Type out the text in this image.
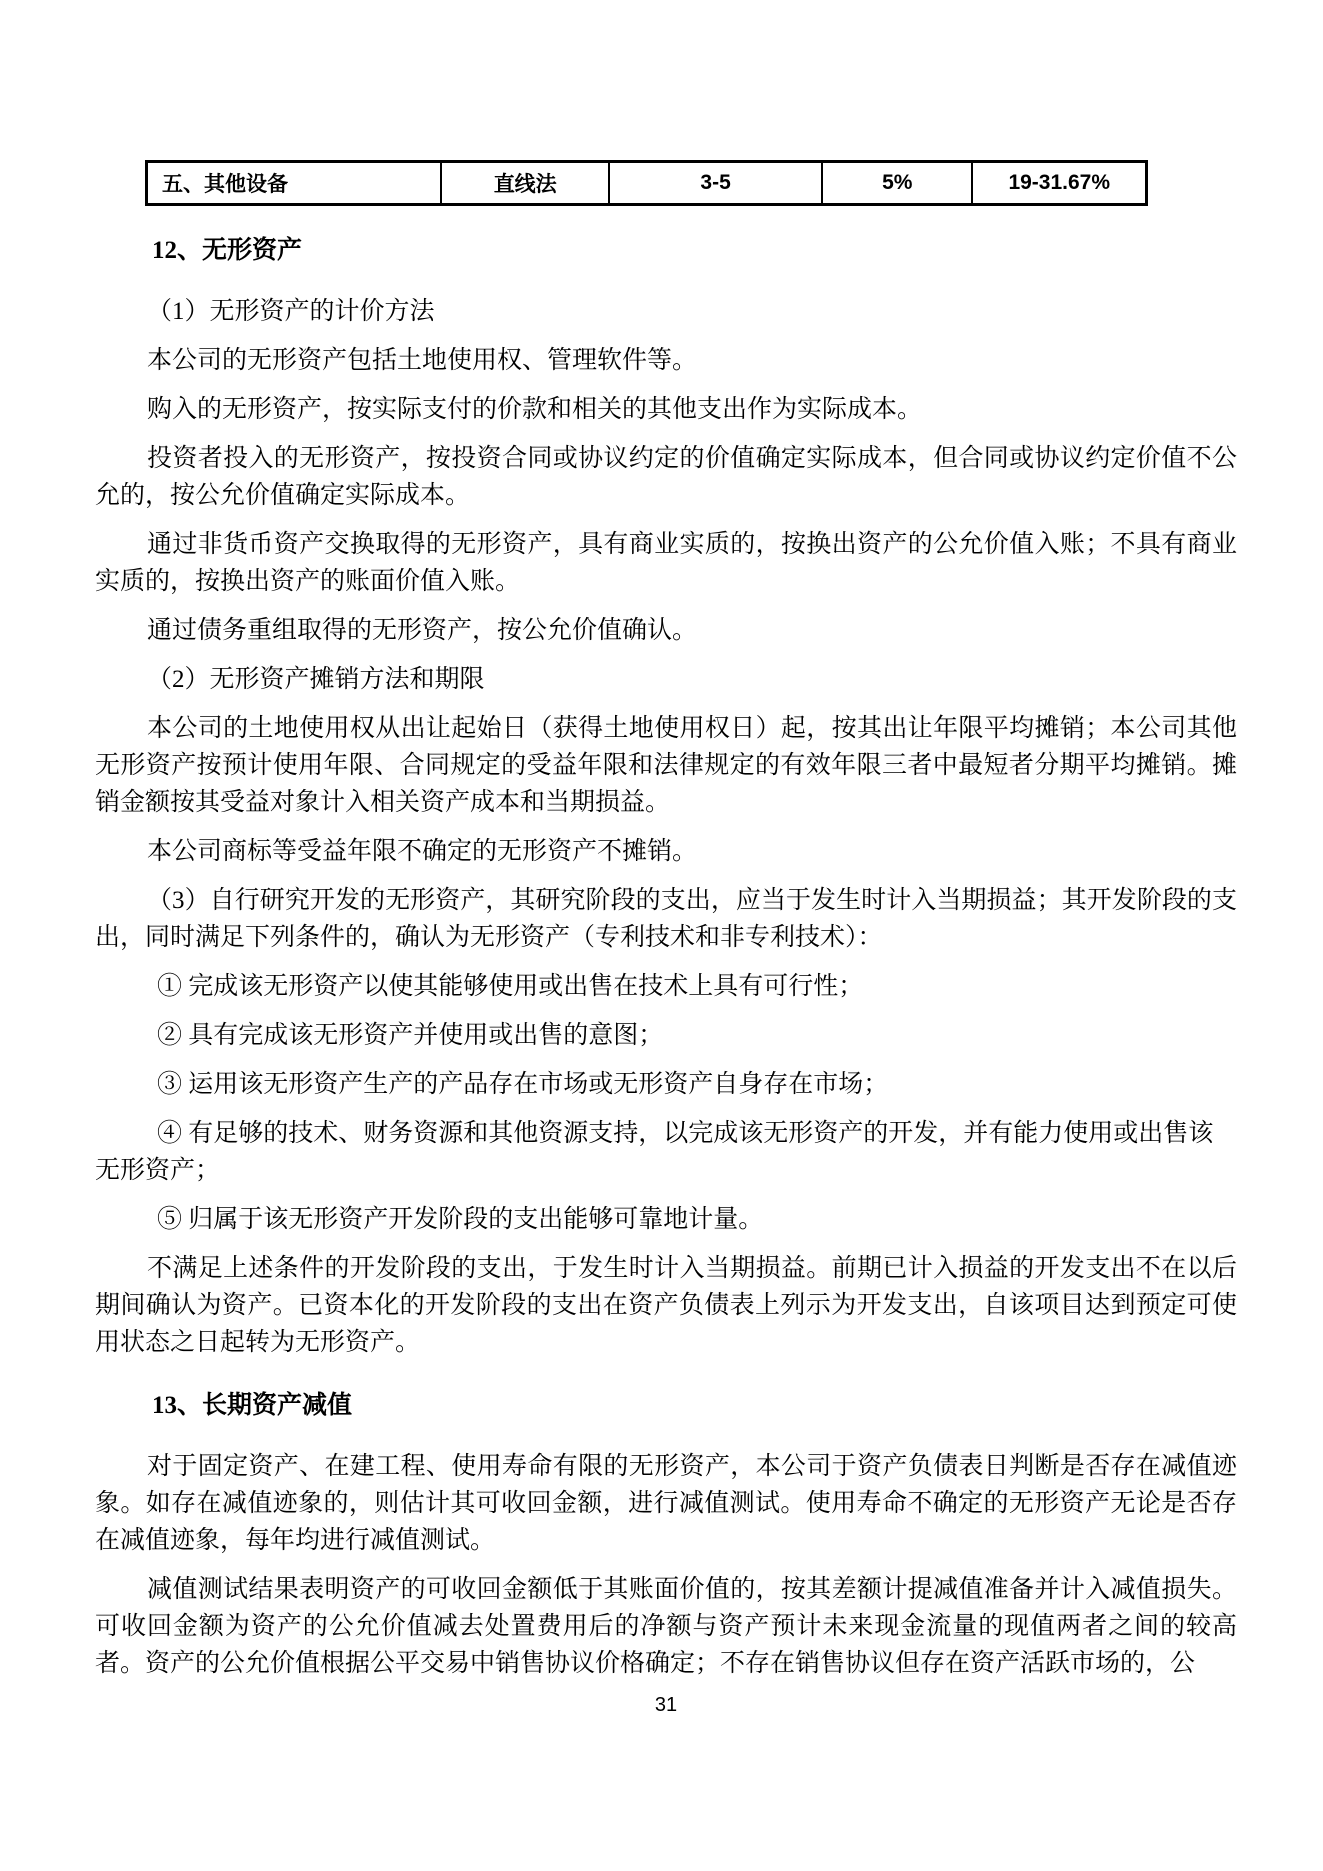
五、其他设备	直线法	3-5	5%	19-31.67%
12、无形资产

（1）无形资产的计价方法

本公司的无形资产包括土地使用权、管理软件等。

购入的无形资产，按实际支付的价款和相关的其他支出作为实际成本。

投资者投入的无形资产，按投资合同或协议约定的价值确定实际成本，但合同或协议约定价值不公允的，按公允价值确定实际成本。

通过非货币资产交换取得的无形资产，具有商业实质的，按换出资产的公允价值入账；不具有商业实质的，按换出资产的账面价值入账。

通过债务重组取得的无形资产，按公允价值确认。

（2）无形资产摊销方法和期限

本公司的土地使用权从出让起始日（获得土地使用权日）起，按其出让年限平均摊销；本公司其他无形资产按预计使用年限、合同规定的受益年限和法律规定的有效年限三者中最短者分期平均摊销。摊销金额按其受益对象计入相关资产成本和当期损益。

本公司商标等受益年限不确定的无形资产不摊销。

（3）自行研究开发的无形资产，其研究阶段的支出，应当于发生时计入当期损益；其开发阶段的支出，同时满足下列条件的，确认为无形资产（专利技术和非专利技术）：

① 完成该无形资产以使其能够使用或出售在技术上具有可行性；

② 具有完成该无形资产并使用或出售的意图；

③ 运用该无形资产生产的产品存在市场或无形资产自身存在市场；

④ 有足够的技术、财务资源和其他资源支持，以完成该无形资产的开发，并有能力使用或出售该无形资产；

⑤ 归属于该无形资产开发阶段的支出能够可靠地计量。

不满足上述条件的开发阶段的支出，于发生时计入当期损益。前期已计入损益的开发支出不在以后期间确认为资产。已资本化的开发阶段的支出在资产负债表上列示为开发支出，自该项目达到预定可使用状态之日起转为无形资产。

13、长期资产减值

对于固定资产、在建工程、使用寿命有限的无形资产，本公司于资产负债表日判断是否存在减值迹象。如存在减值迹象的，则估计其可收回金额，进行减值测试。使用寿命不确定的无形资产无论是否存在减值迹象，每年均进行减值测试。

减值测试结果表明资产的可收回金额低于其账面价值的，按其差额计提减值准备并计入减值损失。可收回金额为资产的公允价值减去处置费用后的净额与资产预计未来现金流量的现值两者之间的较高者。资产的公允价值根据公平交易中销售协议价格确定；不存在销售协议但存在资产活跃市场的，公

31
